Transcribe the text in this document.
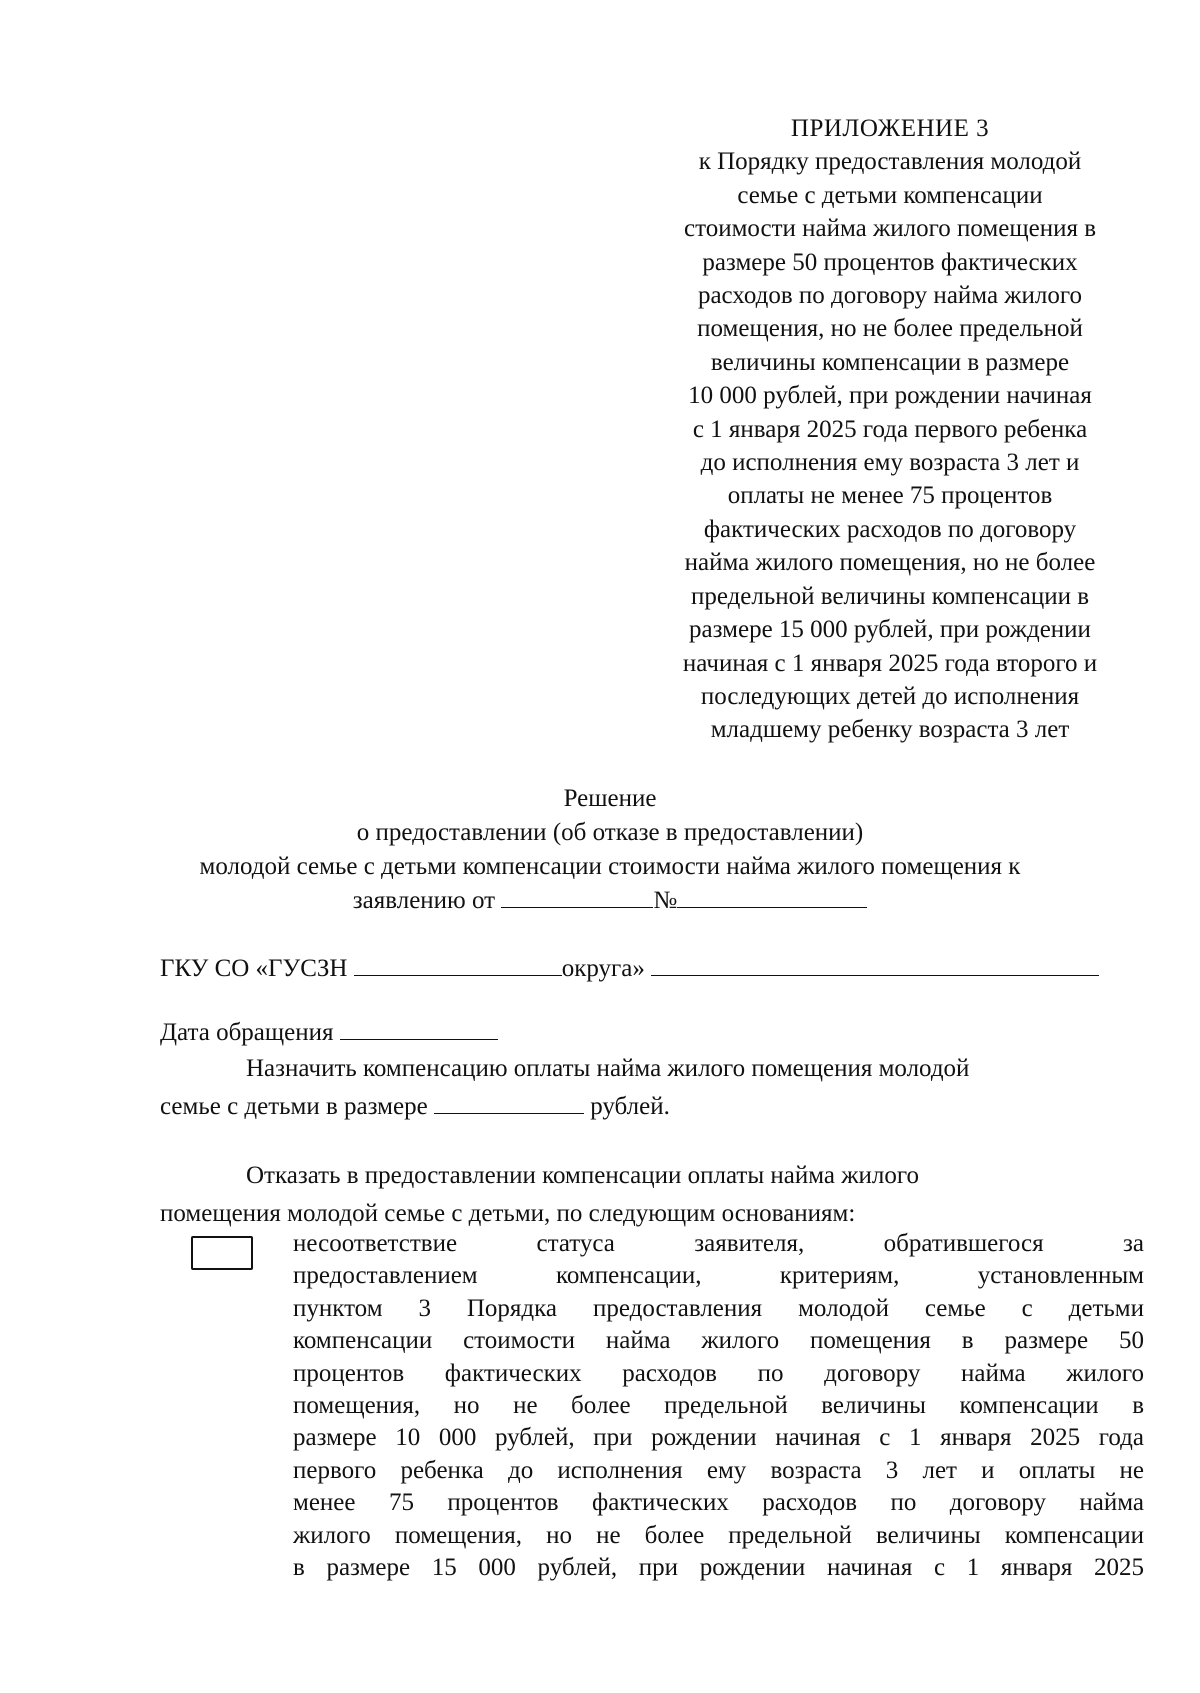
ПРИЛОЖЕНИЕ 3
к Порядку предоставления молодой
семье с детьми компенсации
стоимости найма жилого помещения в
размере 50 процентов фактических
расходов по договору найма жилого
помещения, но не более предельной
величины компенсации в размере
10 000 рублей, при рождении начиная
с 1 января 2025 года первого ребенка
до исполнения ему возраста 3 лет и
оплаты не менее 75 процентов
фактических расходов по договору
найма жилого помещения, но не более
предельной величины компенсации в
размере 15 000 рублей, при рождении
начиная с 1 января 2025 года второго и
последующих детей до исполнения
младшему ребенку возраста 3 лет
Решение
о предоставлении (об отказе в предоставлении)
молодой семье с детьми компенсации стоимости найма жилого помещения к
заявлению от	№
ГКУ СО «ГУСЗН	округа»
Дата обращения
Назначить компенсацию оплаты найма жилого помещения молодой
семье с детьми в размере	рублей.
Отказать в предоставлении компенсации оплаты найма жилого
помещения молодой семье с детьми, по следующим основаниям:
несоответствие статуса заявителя, обратившегося за
предоставлением компенсации, критериям, установленным
пунктом 3 Порядка предоставления молодой семье с детьми
компенсации стоимости найма жилого помещения в размере 50
процентов фактических расходов по договору найма жилого
помещения, но не более предельной величины компенсации в
размере 10 000 рублей, при рождении начиная с 1 января 2025 года
первого ребенка до исполнения ему возраста 3 лет и оплаты не
менее 75 процентов фактических расходов по договору найма
жилого помещения, но не более предельной величины компенсации
в размере 15 000 рублей, при рождении начиная с 1 января 2025
